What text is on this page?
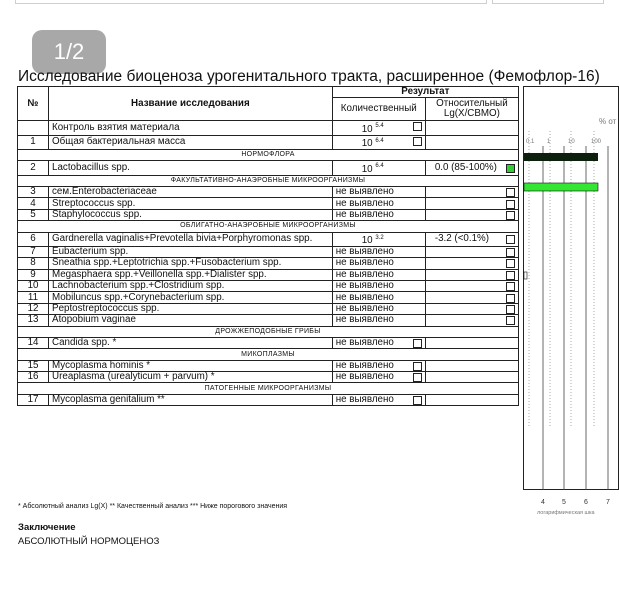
1/2
Исследование биоценоза урогенитального тракта, расширенное (Фемофлор-16)
№	Название исследования	Результат	
		Количественный	Относительный Lg(X/СВМО)
	Контроль взятия материала	10 $^{5.4}$

1	Общая бактериальная масса	10 $^{6.4}$

НОРМОФЛОРА			
2	Lactobacillus spp.	10 $^{6.4}$	0.0 (85-100%)

ФАКУЛЬТАТИВНО-АНАЭРОБНЫЕ МИКРООРГАНИЗМЫ			
3	сем.Enterobacteriaceae	не выявлено	

4	Streptococcus spp.	не выявлено	

5	Staphylococcus spp.	не выявлено	

ОБЛИГАТНО-АНАЭРОБНЫЕ МИКРООРГАНИЗМЫ			
6	Gardnerella vaginalis+Prevotella bivia+Porphyromonas spp.	10 $^{3.2}$	-3.2 (<0.1%)

7	Eubacterium spp.	не выявлено	

8	Sneathia spp.+Leptotrichia spp.+Fusobacterium spp.	не выявлено	

9	Megasphaera spp.+Veillonella spp.+Dialister spp.	не выявлено	

10	Lachnobacterium spp.+Clostridium spp.	не выявлено	

11	Mobiluncus spp.+Corynebacterium spp.	не выявлено	

12	Peptostreptococcus spp.	не выявлено	

13	Atopobium vaginae	не выявлено	

ДРОЖЖЕПОДОБНЫЕ ГРИБЫ			
14	Candida spp. *	не выявлено

МИКОПЛАЗМЫ			
15	Mycoplasma hominis *	не выявлено

16	Ureaplasma (urealyticum + parvum) *	не выявлено

ПАТОГЕННЫЕ МИКРООРГАНИЗМЫ			
17	Mycoplasma genitalium **	не выявлено

% от
0.1 1	10	100
4 5	6	7
логарифмическая шка
* Абсолютный анализ Lg(X) ** Качественный анализ *** Ниже порогового значения
Заключение
АБСОЛЮТНЫЙ НОРМОЦЕНОЗ
